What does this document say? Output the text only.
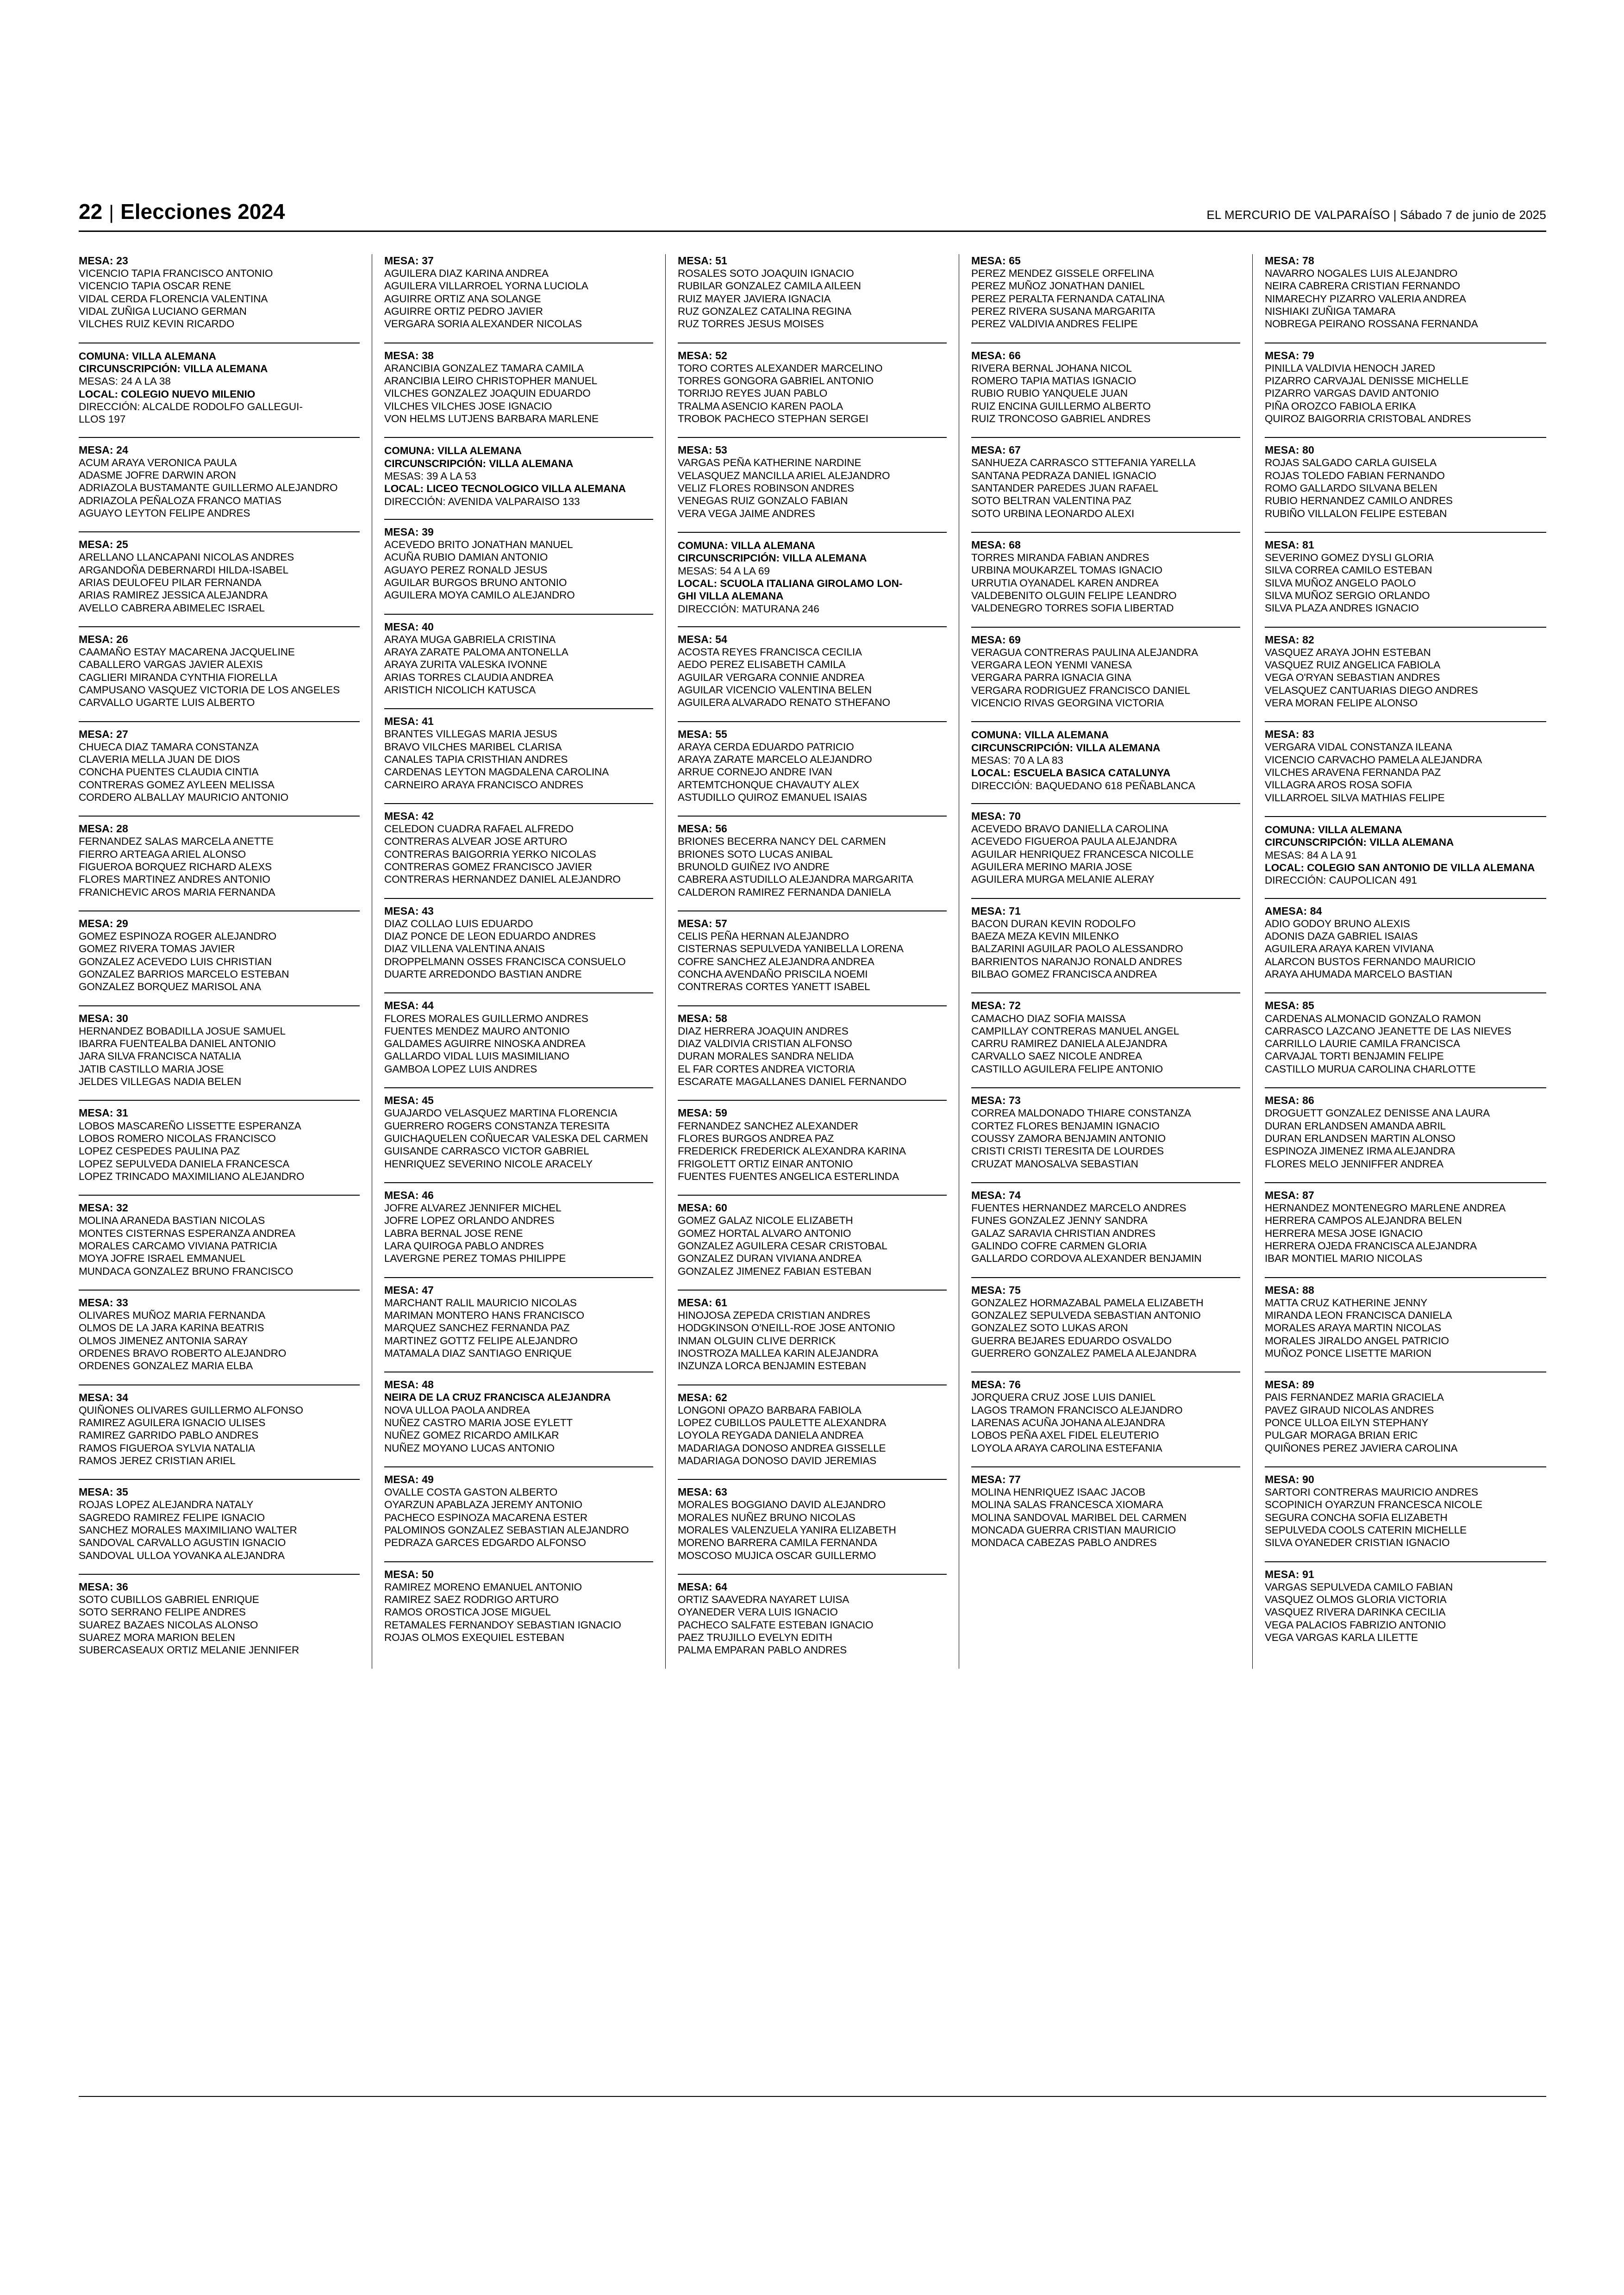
22 | Elecciones 2024	EL MERCURIO DE VALPARAÍSO | Sábado 7 de junio de 2025
MESA: 23
VICENCIO TAPIA FRANCISCO ANTONIO
VICENCIO TAPIA OSCAR RENE
VIDAL CERDA FLORENCIA VALENTINA
VIDAL ZUÑIGA LUCIANO GERMAN
VILCHES RUIZ KEVIN RICARDO
COMUNA: VILLA ALEMANA
CIRCUNSCRIPCIÓN: VILLA ALEMANA
MESAS: 24 A LA 38
LOCAL: COLEGIO NUEVO MILENIO
DIRECCIÓN: ALCALDE RODOLFO GALLEGUI-
LLOS 197
MESA: 24
ACUM ARAYA VERONICA PAULA
ADASME JOFRE DARWIN ARON
ADRIAZOLA BUSTAMANTE GUILLERMO ALEJANDRO
ADRIAZOLA PEÑALOZA FRANCO MATIAS
AGUAYO LEYTON FELIPE ANDRES
MESA: 25
ARELLANO LLANCAPANI NICOLAS ANDRES
ARGANDOÑA DEBERNARDI HILDA-ISABEL
ARIAS DEULOFEU PILAR FERNANDA
ARIAS RAMIREZ JESSICA ALEJANDRA
AVELLO CABRERA ABIMELEC ISRAEL
MESA: 26
CAAMAÑO ESTAY MACARENA JACQUELINE
CABALLERO VARGAS JAVIER ALEXIS
CAGLIERI MIRANDA CYNTHIA FIORELLA
CAMPUSANO VASQUEZ VICTORIA DE LOS ANGELES
CARVALLO UGARTE LUIS ALBERTO
MESA: 27
CHUECA DIAZ TAMARA CONSTANZA
CLAVERIA MELLA JUAN DE DIOS
CONCHA PUENTES CLAUDIA CINTIA
CONTRERAS GOMEZ AYLEEN MELISSA
CORDERO ALBALLAY MAURICIO ANTONIO
MESA: 28
FERNANDEZ SALAS MARCELA ANETTE
FIERRO ARTEAGA ARIEL ALONSO
FIGUEROA BORQUEZ RICHARD ALEXS
FLORES MARTINEZ ANDRES ANTONIO
FRANICHEVIC AROS MARIA FERNANDA
MESA: 29
GOMEZ ESPINOZA ROGER ALEJANDRO
GOMEZ RIVERA TOMAS JAVIER
GONZALEZ ACEVEDO LUIS CHRISTIAN
GONZALEZ BARRIOS MARCELO ESTEBAN
GONZALEZ BORQUEZ MARISOL ANA
MESA: 30
HERNANDEZ BOBADILLA JOSUE SAMUEL
IBARRA FUENTEALBA DANIEL ANTONIO
JARA SILVA FRANCISCA NATALIA
JATIB CASTILLO MARIA JOSE
JELDES VILLEGAS NADIA BELEN
MESA: 31
LOBOS MASCAREÑO LISSETTE ESPERANZA
LOBOS ROMERO NICOLAS FRANCISCO
LOPEZ CESPEDES PAULINA PAZ
LOPEZ SEPULVEDA DANIELA FRANCESCA
LOPEZ TRINCADO MAXIMILIANO ALEJANDRO
MESA: 32
MOLINA ARANEDA BASTIAN NICOLAS
MONTES CISTERNAS ESPERANZA ANDREA
MORALES CARCAMO VIVIANA PATRICIA
MOYA JOFRE ISRAEL EMMANUEL
MUNDACA GONZALEZ BRUNO FRANCISCO
MESA: 33
OLIVARES MUÑOZ MARIA FERNANDA
OLMOS DE LA JARA KARINA BEATRIS
OLMOS JIMENEZ ANTONIA SARAY
ORDENES BRAVO ROBERTO ALEJANDRO
ORDENES GONZALEZ MARIA ELBA
MESA: 34
QUIÑONES OLIVARES GUILLERMO ALFONSO
RAMIREZ AGUILERA IGNACIO ULISES
RAMIREZ GARRIDO PABLO ANDRES
RAMOS FIGUEROA SYLVIA NATALIA
RAMOS JEREZ CRISTIAN ARIEL
MESA: 35
ROJAS LOPEZ ALEJANDRA NATALY
SAGREDO RAMIREZ FELIPE IGNACIO
SANCHEZ MORALES MAXIMILIANO WALTER
SANDOVAL CARVALLO AGUSTIN IGNACIO
SANDOVAL ULLOA YOVANKA ALEJANDRA
MESA: 36
SOTO CUBILLOS GABRIEL ENRIQUE
SOTO SERRANO FELIPE ANDRES
SUAREZ BAZAES NICOLAS ALONSO
SUAREZ MORA MARION BELEN
SUBERCASEAUX ORTIZ MELANIE JENNIFER
MESA: 37
AGUILERA DIAZ KARINA ANDREA
AGUILERA VILLARROEL YORNA LUCIOLA
AGUIRRE ORTIZ ANA SOLANGE
AGUIRRE ORTIZ PEDRO JAVIER
VERGARA SORIA ALEXANDER NICOLAS
MESA: 38
ARANCIBIA GONZALEZ TAMARA CAMILA
ARANCIBIA LEIRO CHRISTOPHER MANUEL
VILCHES GONZALEZ JOAQUIN EDUARDO
VILCHES VILCHES JOSE IGNACIO
VON HELMS LUTJENS BARBARA MARLENE
COMUNA: VILLA ALEMANA
CIRCUNSCRIPCIÓN: VILLA ALEMANA
MESAS: 39 A LA 53
LOCAL: LICEO TECNOLOGICO VILLA ALEMANA
DIRECCIÓN: AVENIDA VALPARAISO 133
MESA: 39
ACEVEDO BRITO JONATHAN MANUEL
ACUÑA RUBIO DAMIAN ANTONIO
AGUAYO PEREZ RONALD JESUS
AGUILAR BURGOS BRUNO ANTONIO
AGUILERA MOYA CAMILO ALEJANDRO
MESA: 40
ARAYA MUGA GABRIELA CRISTINA
ARAYA ZARATE PALOMA ANTONELLA
ARAYA ZURITA VALESKA IVONNE
ARIAS TORRES CLAUDIA ANDREA
ARISTICH NICOLICH KATUSCA
MESA: 41
BRANTES VILLEGAS MARIA JESUS
BRAVO VILCHES MARIBEL CLARISA
CANALES TAPIA CRISTHIAN ANDRES
CARDENAS LEYTON MAGDALENA CAROLINA
CARNEIRO ARAYA FRANCISCO ANDRES
MESA: 42
CELEDON CUADRA RAFAEL ALFREDO
CONTRERAS ALVEAR JOSE ARTURO
CONTRERAS BAIGORRIA YERKO NICOLAS
CONTRERAS GOMEZ FRANCISCO JAVIER
CONTRERAS HERNANDEZ DANIEL ALEJANDRO
MESA: 43
DIAZ COLLAO LUIS EDUARDO
DIAZ PONCE DE LEON EDUARDO ANDRES
DIAZ VILLENA VALENTINA ANAIS
DROPPELMANN OSSES FRANCISCA CONSUELO
DUARTE ARREDONDO BASTIAN ANDRE
MESA: 44
FLORES MORALES GUILLERMO ANDRES
FUENTES MENDEZ MAURO ANTONIO
GALDAMES AGUIRRE NINOSKA ANDREA
GALLARDO VIDAL LUIS MASIMILIANO
GAMBOA LOPEZ LUIS ANDRES
MESA: 45
GUAJARDO VELASQUEZ MARTINA FLORENCIA
GUERRERO ROGERS CONSTANZA TERESITA
GUICHAQUELEN COÑUECAR VALESKA DEL CARMEN
GUISANDE CARRASCO VICTOR GABRIEL
HENRIQUEZ SEVERINO NICOLE ARACELY
MESA: 46
JOFRE ALVAREZ JENNIFER MICHEL
JOFRE LOPEZ ORLANDO ANDRES
LABRA BERNAL JOSE RENE
LARA QUIROGA PABLO ANDRES
LAVERGNE PEREZ TOMAS PHILIPPE
MESA: 47
MARCHANT RALIL MAURICIO NICOLAS
MARIMAN MONTERO HANS FRANCISCO
MARQUEZ SANCHEZ FERNANDA PAZ
MARTINEZ GOTTZ FELIPE ALEJANDRO
MATAMALA DIAZ SANTIAGO ENRIQUE
MESA: 48
NEIRA DE LA CRUZ FRANCISCA ALEJANDRA
NOVA ULLOA PAOLA ANDREA
NUÑEZ CASTRO MARIA JOSE EYLETT
NUÑEZ GOMEZ RICARDO AMILKAR
NUÑEZ MOYANO LUCAS ANTONIO
MESA: 49
OVALLE COSTA GASTON ALBERTO
OYARZUN APABLAZA JEREMY ANTONIO
PACHECO ESPINOZA MACARENA ESTER
PALOMINOS GONZALEZ SEBASTIAN ALEJANDRO
PEDRAZA GARCES EDGARDO ALFONSO
MESA: 50
RAMIREZ MORENO EMANUEL ANTONIO
RAMIREZ SAEZ RODRIGO ARTURO
RAMOS OROSTICA JOSE MIGUEL
RETAMALES FERNANDOY SEBASTIAN IGNACIO
ROJAS OLMOS EXEQUIEL ESTEBAN
MESA: 51
ROSALES SOTO JOAQUIN IGNACIO
RUBILAR GONZALEZ CAMILA AILEEN
RUIZ MAYER JAVIERA IGNACIA
RUZ GONZALEZ CATALINA REGINA
RUZ TORRES JESUS MOISES
MESA: 52
TORO CORTES ALEXANDER MARCELINO
TORRES GONGORA GABRIEL ANTONIO
TORRIJO REYES JUAN PABLO
TRALMA ASENCIO KAREN PAOLA
TROBOK PACHECO STEPHAN SERGEI
MESA: 53
VARGAS PEÑA KATHERINE NARDINE
VELASQUEZ MANCILLA ARIEL ALEJANDRO
VELIZ FLORES ROBINSON ANDRES
VENEGAS RUIZ GONZALO FABIAN
VERA VEGA JAIME ANDRES
COMUNA: VILLA ALEMANA
CIRCUNSCRIPCIÓN: VILLA ALEMANA
MESAS: 54 A LA 69
LOCAL: SCUOLA ITALIANA GIROLAMO LON-
GHI VILLA ALEMANA
DIRECCIÓN: MATURANA 246
MESA: 54
ACOSTA REYES FRANCISCA CECILIA
AEDO PEREZ ELISABETH CAMILA
AGUILAR VERGARA CONNIE ANDREA
AGUILAR VICENCIO VALENTINA BELEN
AGUILERA ALVARADO RENATO STHEFANO
MESA: 55
ARAYA CERDA EDUARDO PATRICIO
ARAYA ZARATE MARCELO ALEJANDRO
ARRUE CORNEJO ANDRE IVAN
ARTEMTCHONQUE CHAVAUTY ALEX
ASTUDILLO QUIROZ EMANUEL ISAIAS
MESA: 56
BRIONES BECERRA NANCY DEL CARMEN
BRIONES SOTO LUCAS ANIBAL
BRUNOLD GUIÑEZ IVO ANDRE
CABRERA ASTUDILLO ALEJANDRA MARGARITA
CALDERON RAMIREZ FERNANDA DANIELA
MESA: 57
CELIS PEÑA HERNAN ALEJANDRO
CISTERNAS SEPULVEDA YANIBELLA LORENA
COFRE SANCHEZ ALEJANDRA ANDREA
CONCHA AVENDAÑO PRISCILA NOEMI
CONTRERAS CORTES YANETT ISABEL
MESA: 58
DIAZ HERRERA JOAQUIN ANDRES
DIAZ VALDIVIA CRISTIAN ALFONSO
DURAN MORALES SANDRA NELIDA
EL FAR CORTES ANDREA VICTORIA
ESCARATE MAGALLANES DANIEL FERNANDO
MESA: 59
FERNANDEZ SANCHEZ ALEXANDER
FLORES BURGOS ANDREA PAZ
FREDERICK FREDERICK ALEXANDRA KARINA
FRIGOLETT ORTIZ EINAR ANTONIO
FUENTES FUENTES ANGELICA ESTERLINDA
MESA: 60
GOMEZ GALAZ NICOLE ELIZABETH
GOMEZ HORTAL ALVARO ANTONIO
GONZALEZ AGUILERA CESAR CRISTOBAL
GONZALEZ DURAN VIVIANA ANDREA
GONZALEZ JIMENEZ FABIAN ESTEBAN
MESA: 61
HINOJOSA ZEPEDA CRISTIAN ANDRES
HODGKINSON O'NEILL-ROE JOSE ANTONIO
INMAN OLGUIN CLIVE DERRICK
INOSTROZA MALLEA KARIN ALEJANDRA
INZUNZA LORCA BENJAMIN ESTEBAN
MESA: 62
LONGONI OPAZO BARBARA FABIOLA
LOPEZ CUBILLOS PAULETTE ALEXANDRA
LOYOLA REYGADA DANIELA ANDREA
MADARIAGA DONOSO ANDREA GISSELLE
MADARIAGA DONOSO DAVID JEREMIAS
MESA: 63
MORALES BOGGIANO DAVID ALEJANDRO
MORALES NUÑEZ BRUNO NICOLAS
MORALES VALENZUELA YANIRA ELIZABETH
MORENO BARRERA CAMILA FERNANDA
MOSCOSO MUJICA OSCAR GUILLERMO
MESA: 64
ORTIZ SAAVEDRA NAYARET LUISA
OYANEDER VERA LUIS IGNACIO
PACHECO SALFATE ESTEBAN IGNACIO
PAEZ TRUJILLO EVELYN EDITH
PALMA EMPARAN PABLO ANDRES
MESA: 65
PEREZ MENDEZ GISSELE ORFELINA
PEREZ MUÑOZ JONATHAN DANIEL
PEREZ PERALTA FERNANDA CATALINA
PEREZ RIVERA SUSANA MARGARITA
PEREZ VALDIVIA ANDRES FELIPE
MESA: 66
RIVERA BERNAL JOHANA NICOL
ROMERO TAPIA MATIAS IGNACIO
RUBIO RUBIO YANQUELE JUAN
RUIZ ENCINA GUILLERMO ALBERTO
RUIZ TRONCOSO GABRIEL ANDRES
MESA: 67
SANHUEZA CARRASCO STTEFANIA YARELLA
SANTANA PEDRAZA DANIEL IGNACIO
SANTANDER PAREDES JUAN RAFAEL
SOTO BELTRAN VALENTINA PAZ
SOTO URBINA LEONARDO ALEXI
MESA: 68
TORRES MIRANDA FABIAN ANDRES
URBINA MOUKARZEL TOMAS IGNACIO
URRUTIA OYANADEL KAREN ANDREA
VALDEBENITO OLGUIN FELIPE LEANDRO
VALDENEGRO TORRES SOFIA LIBERTAD
MESA: 69
VERAGUA CONTRERAS PAULINA ALEJANDRA
VERGARA LEON YENMI VANESA
VERGARA PARRA IGNACIA GINA
VERGARA RODRIGUEZ FRANCISCO DANIEL
VICENCIO RIVAS GEORGINA VICTORIA
COMUNA: VILLA ALEMANA
CIRCUNSCRIPCIÓN: VILLA ALEMANA
MESAS: 70 A LA 83
LOCAL: ESCUELA BASICA CATALUNYA
DIRECCIÓN: BAQUEDANO 618 PEÑABLANCA
MESA: 70
ACEVEDO BRAVO DANIELLA CAROLINA
ACEVEDO FIGUEROA PAULA ALEJANDRA
AGUILAR HENRIQUEZ FRANCESCA NICOLLE
AGUILERA MERINO MARIA JOSE
AGUILERA MURGA MELANIE ALERAY
MESA: 71
BACON DURAN KEVIN RODOLFO
BAEZA MEZA KEVIN MILENKO
BALZARINI AGUILAR PAOLO ALESSANDRO
BARRIENTOS NARANJO RONALD ANDRES
BILBAO GOMEZ FRANCISCA ANDREA
MESA: 72
CAMACHO DIAZ SOFIA MAISSA
CAMPILLAY CONTRERAS MANUEL ANGEL
CARRU RAMIREZ DANIELA ALEJANDRA
CARVALLO SAEZ NICOLE ANDREA
CASTILLO AGUILERA FELIPE ANTONIO
MESA: 73
CORREA MALDONADO THIARE CONSTANZA
CORTEZ FLORES BENJAMIN IGNACIO
COUSSY ZAMORA BENJAMIN ANTONIO
CRISTI CRISTI TERESITA DE LOURDES
CRUZAT MANOSALVA SEBASTIAN
MESA: 74
FUENTES HERNANDEZ MARCELO ANDRES
FUNES GONZALEZ JENNY SANDRA
GALAZ SARAVIA CHRISTIAN ANDRES
GALINDO COFRE CARMEN GLORIA
GALLARDO CORDOVA ALEXANDER BENJAMIN
MESA: 75
GONZALEZ HORMAZABAL PAMELA ELIZABETH
GONZALEZ SEPULVEDA SEBASTIAN ANTONIO
GONZALEZ SOTO LUKAS ARON
GUERRA BEJARES EDUARDO OSVALDO
GUERRERO GONZALEZ PAMELA ALEJANDRA
MESA: 76
JORQUERA CRUZ JOSE LUIS DANIEL
LAGOS TRAMON FRANCISCO ALEJANDRO
LARENAS ACUÑA JOHANA ALEJANDRA
LOBOS PEÑA AXEL FIDEL ELEUTERIO
LOYOLA ARAYA CAROLINA ESTEFANIA
MESA: 77
MOLINA HENRIQUEZ ISAAC JACOB
MOLINA SALAS FRANCESCA XIOMARA
MOLINA SANDOVAL MARIBEL DEL CARMEN
MONCADA GUERRA CRISTIAN MAURICIO
MONDACA CABEZAS PABLO ANDRES
MESA: 78
NAVARRO NOGALES LUIS ALEJANDRO
NEIRA CABRERA CRISTIAN FERNANDO
NIMARECHY PIZARRO VALERIA ANDREA
NISHIAKI ZUÑIGA TAMARA
NOBREGA PEIRANO ROSSANA FERNANDA
MESA: 79
PINILLA VALDIVIA HENOCH JARED
PIZARRO CARVAJAL DENISSE MICHELLE
PIZARRO VARGAS DAVID ANTONIO
PIÑA OROZCO FABIOLA ERIKA
QUIROZ BAIGORRIA CRISTOBAL ANDRES
MESA: 80
ROJAS SALGADO CARLA GUISELA
ROJAS TOLEDO FABIAN FERNANDO
ROMO GALLARDO SILVANA BELEN
RUBIO HERNANDEZ CAMILO ANDRES
RUBIÑO VILLALON FELIPE ESTEBAN
MESA: 81
SEVERINO GOMEZ DYSLI GLORIA
SILVA CORREA CAMILO ESTEBAN
SILVA MUÑOZ ANGELO PAOLO
SILVA MUÑOZ SERGIO ORLANDO
SILVA PLAZA ANDRES IGNACIO
MESA: 82
VASQUEZ ARAYA JOHN ESTEBAN
VASQUEZ RUIZ ANGELICA FABIOLA
VEGA O'RYAN SEBASTIAN ANDRES
VELASQUEZ CANTUARIAS DIEGO ANDRES
VERA MORAN FELIPE ALONSO
MESA: 83
VERGARA VIDAL CONSTANZA ILEANA
VICENCIO CARVACHO PAMELA ALEJANDRA
VILCHES ARAVENA FERNANDA PAZ
VILLAGRA AROS ROSA SOFIA
VILLARROEL SILVA MATHIAS FELIPE
COMUNA: VILLA ALEMANA
CIRCUNSCRIPCIÓN: VILLA ALEMANA
MESAS: 84 A LA 91
LOCAL: COLEGIO SAN ANTONIO DE VILLA ALEMANA
DIRECCIÓN: CAUPOLICAN 491
AMESA: 84
ADIO GODOY BRUNO ALEXIS
ADONIS DAZA GABRIEL ISAIAS
AGUILERA ARAYA KAREN VIVIANA
ALARCON BUSTOS FERNANDO MAURICIO
ARAYA AHUMADA MARCELO BASTIAN
MESA: 85
CARDENAS ALMONACID GONZALO RAMON
CARRASCO LAZCANO JEANETTE DE LAS NIEVES
CARRILLO LAURIE CAMILA FRANCISCA
CARVAJAL TORTI BENJAMIN FELIPE
CASTILLO MURUA CAROLINA CHARLOTTE
MESA: 86
DROGUETT GONZALEZ DENISSE ANA LAURA
DURAN ERLANDSEN AMANDA ABRIL
DURAN ERLANDSEN MARTIN ALONSO
ESPINOZA JIMENEZ IRMA ALEJANDRA
FLORES MELO JENNIFFER ANDREA
MESA: 87
HERNANDEZ MONTENEGRO MARLENE ANDREA
HERRERA CAMPOS ALEJANDRA BELEN
HERRERA MESA JOSE IGNACIO
HERRERA OJEDA FRANCISCA ALEJANDRA
IBAR MONTIEL MARIO NICOLAS
MESA: 88
MATTA CRUZ KATHERINE JENNY
MIRANDA LEON FRANCISCA DANIELA
MORALES ARAYA MARTIN NICOLAS
MORALES JIRALDO ANGEL PATRICIO
MUÑOZ PONCE LISETTE MARION
MESA: 89
PAIS FERNANDEZ MARIA GRACIELA
PAVEZ GIRAUD NICOLAS ANDRES
PONCE ULLOA EILYN STEPHANY
PULGAR MORAGA BRIAN ERIC
QUIÑONES PEREZ JAVIERA CAROLINA
MESA: 90
SARTORI CONTRERAS MAURICIO ANDRES
SCOPINICH OYARZUN FRANCESCA NICOLE
SEGURA CONCHA SOFIA ELIZABETH
SEPULVEDA COOLS CATERIN MICHELLE
SILVA OYANEDER CRISTIAN IGNACIO
MESA: 91
VARGAS SEPULVEDA CAMILO FABIAN
VASQUEZ OLMOS GLORIA VICTORIA
VASQUEZ RIVERA DARINKA CECILIA
VEGA PALACIOS FABRIZIO ANTONIO
VEGA VARGAS KARLA LILETTE
